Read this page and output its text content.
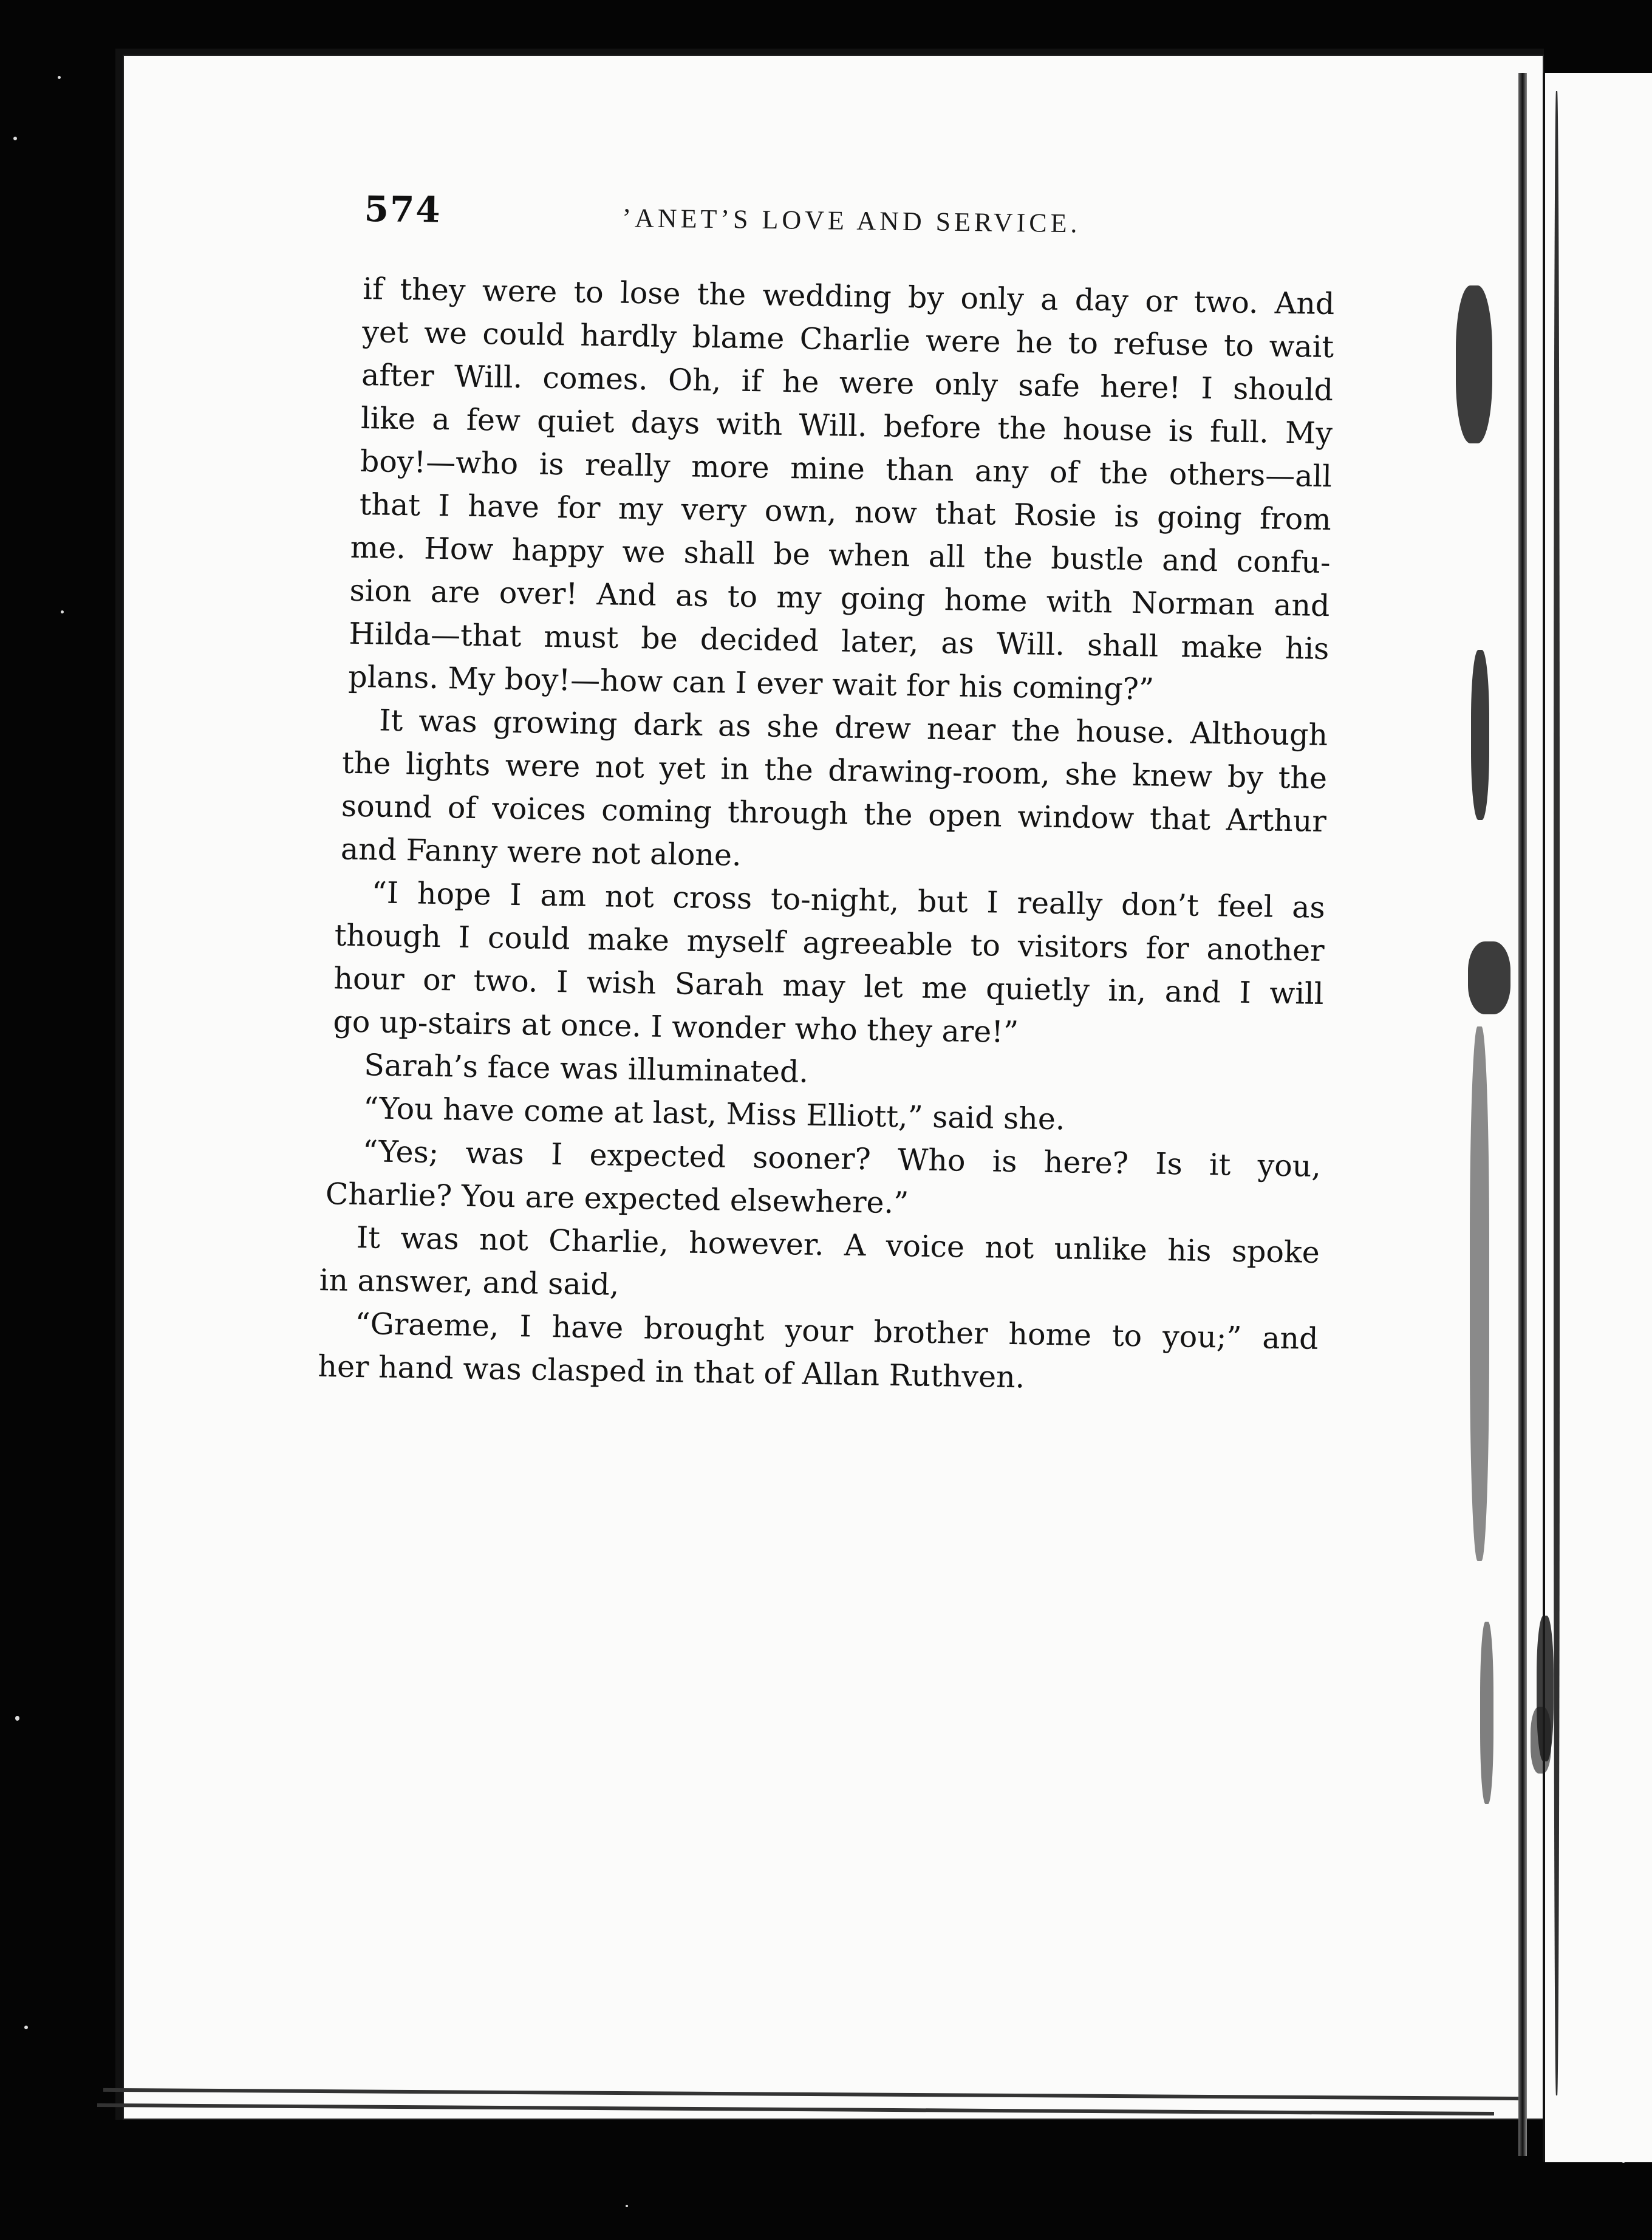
574	’ANET’S LOVE AND SERVICE.
if they were to lose the wedding by only a day or two. And
yet we could hardly blame Charlie were he to refuse to wait
after Will. comes. Oh, if he were only safe here! I should
like a few quiet days with Will. before the house is full. My
boy!—who is really more mine than any of the others—all
that I have for my very own, now that Rosie is going from
me. How happy we shall be when all the bustle and confu-
sion are over! And as to my going home with Norman and
Hilda—that must be decided later, as Will. shall make his
plans. My boy!—how can I ever wait for his coming?”
It was growing dark as she drew near the house. Although
the lights were not yet in the drawing-room, she knew by the
sound of voices coming through the open window that Arthur
and Fanny were not alone.
“I hope I am not cross to-night, but I really don’t feel as
though I could make myself agreeable to visitors for another
hour or two. I wish Sarah may let me quietly in, and I will
go up-stairs at once. I wonder who they are!”
Sarah’s face was illuminated.
“You have come at last, Miss Elliott,” said she.
“Yes; was I expected sooner? Who is here? Is it you,
Charlie? You are expected elsewhere.”
It was not Charlie, however. A voice not unlike his spoke
in answer, and said,
“Graeme, I have brought your brother home to you;” and
her hand was clasped in that of Allan Ruthven.
